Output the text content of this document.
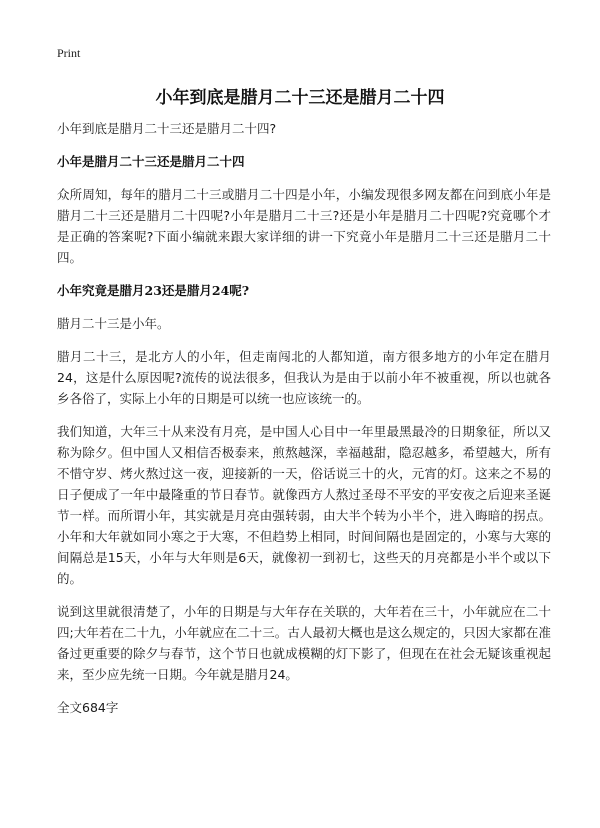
Print
小年到底是腊月二十三还是腊月二十四

小年到底是腊月二十三还是腊月二十四?

小年是腊月二十三还是腊月二十四

众所周知，每年的腊月二十三或腊月二十四是小年，小编发现很多网友都在问到底小年是腊月二十三还是腊月二十四呢?小年是腊月二十三?还是小年是腊月二十四呢?究竟哪个才是正确的答案呢?下面小编就来跟大家详细的讲一下究竟小年是腊月二十三还是腊月二十四。

小年究竟是腊月23还是腊月24呢?

腊月二十三是小年。

腊月二十三，是北方人的小年，但走南闯北的人都知道，南方很多地方的小年定在腊月24，这是什么原因呢?流传的说法很多，但我认为是由于以前小年不被重视，所以也就各乡各俗了，实际上小年的日期是可以统一也应该统一的。

我们知道，大年三十从来没有月亮，是中国人心目中一年里最黑最冷的日期象征，所以又称为除夕。但中国人又相信否极泰来，煎熬越深，幸福越甜，隐忍越多，希望越大，所有不惜守岁、烤火熬过这一夜，迎接新的一天，俗话说三十的火，元宵的灯。这来之不易的日子便成了一年中最隆重的节日春节。就像西方人熬过圣母不平安的平安夜之后迎来圣诞节一样。而所谓小年，其实就是月亮由强转弱，由大半个转为小半个，进入晦暗的拐点。小年和大年就如同小寒之于大寒，不但趋势上相同，时间间隔也是固定的，小寒与大寒的间隔总是15天，小年与大年则是6天，就像初一到初七，这些天的月亮都是小半个或以下的。

说到这里就很清楚了，小年的日期是与大年存在关联的，大年若在三十，小年就应在二十四;大年若在二十九，小年就应在二十三。古人最初大概也是这么规定的，只因大家都在准备过更重要的除夕与春节，这个节日也就成模糊的灯下影了，但现在在社会无疑该重视起来，至少应先统一日期。今年就是腊月24。

全文684字
